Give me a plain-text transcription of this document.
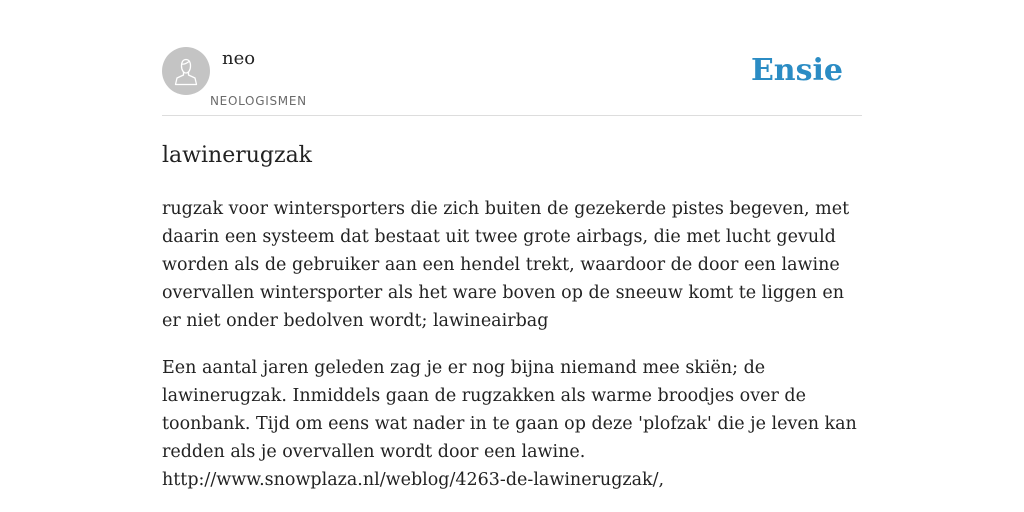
neo
NEOLOGISMEN
Ensie
lawinerugzak

rugzak voor wintersporters die zich buiten de gezekerde pistes begeven, met daarin een systeem dat bestaat uit twee grote airbags, die met lucht gevuld worden als de gebruiker aan een hendel trekt, waardoor de door een lawine overvallen wintersporter als het ware boven op de sneeuw komt te liggen en er niet onder bedolven wordt; lawineairbag

Een aantal jaren geleden zag je er nog bijna niemand mee skiën; de lawinerugzak. Inmiddels gaan de rugzakken als warme broodjes over de toonbank. Tijd om eens wat nader in te gaan op deze 'plofzak' die je leven kan redden als je overvallen wordt door een lawine.
http://www.snowplaza.nl/weblog/4263-de-lawinerugzak/,
